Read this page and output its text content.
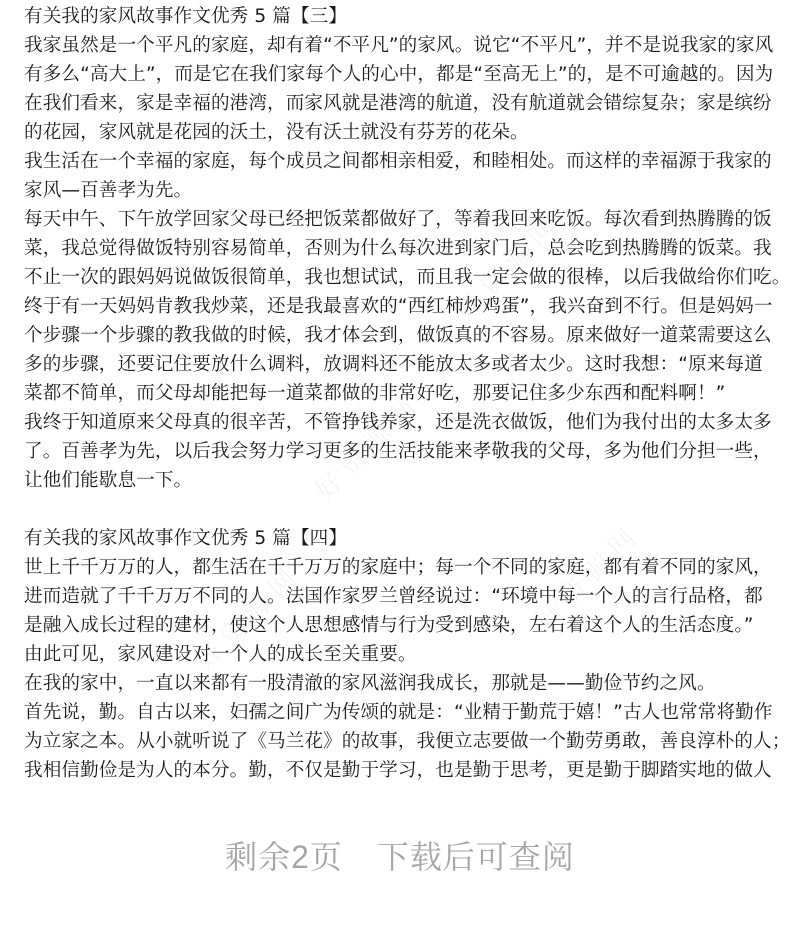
有关我的家风故事作文优秀 5 篇【三】
我家虽然是一个平凡的家庭，却有着“不平凡”的家风。说它“不平凡”，并不是说我家的家风
有多么“高大上”，而是它在我们家每个人的心中，都是“至高无上”的，是不可逾越的。因为
在我们看来，家是幸福的港湾，而家风就是港湾的航道，没有航道就会错综复杂；家是缤纷
的花园，家风就是花园的沃土，没有沃土就没有芬芳的花朵。
我生活在一个幸福的家庭，每个成员之间都相亲相爱，和睦相处。而这样的幸福源于我家的
家风—百善孝为先。
每天中午、下午放学回家父母已经把饭菜都做好了，等着我回来吃饭。每次看到热腾腾的饭
菜，我总觉得做饭特别容易简单，否则为什么每次进到家门后，总会吃到热腾腾的饭菜。我
不止一次的跟妈妈说做饭很简单，我也想试试，而且我一定会做的很棒，以后我做给你们吃。
终于有一天妈妈肯教我炒菜，还是我最喜欢的“西红柿炒鸡蛋”，我兴奋到不行。但是妈妈一
个步骤一个步骤的教我做的时候，我才体会到，做饭真的不容易。原来做好一道菜需要这么
多的步骤，还要记住要放什么调料，放调料还不能放太多或者太少。这时我想：“原来每道
菜都不简单，而父母却能把每一道菜都做的非常好吃，那要记住多少东西和配料啊！”
我终于知道原来父母真的很辛苦，不管挣钱养家，还是洗衣做饭，他们为我付出的太多太多
了。百善孝为先，以后我会努力学习更多的生活技能来孝敬我的父母，多为他们分担一些，
让他们能歇息一下。
有关我的家风故事作文优秀 5 篇【四】
世上千千万万的人，都生活在千千万万的家庭中；每一个不同的家庭，都有着不同的家风，
进而造就了千千万万不同的人。法国作家罗兰曾经说过：“环境中每一个人的言行品格，都
是融入成长过程的建材，使这个人思想感情与行为受到感染，左右着这个人的生活态度。”
由此可见，家风建设对一个人的成长至关重要。
在我的家中，一直以来都有一股清澈的家风滋润我成长，那就是——勤俭节约之风。
首先说，勤。自古以来，妇孺之间广为传颂的就是：“业精于勤荒于嬉！”古人也常常将勤作
为立家之本。从小就听说了《马兰花》的故事，我便立志要做一个勤劳勇敢，善良淳朴的人；
我相信勤俭是为人的本分。勤，不仅是勤于学习，也是勤于思考，更是勤于脚踏实地的做人
剩余2页 下载后可查阅
